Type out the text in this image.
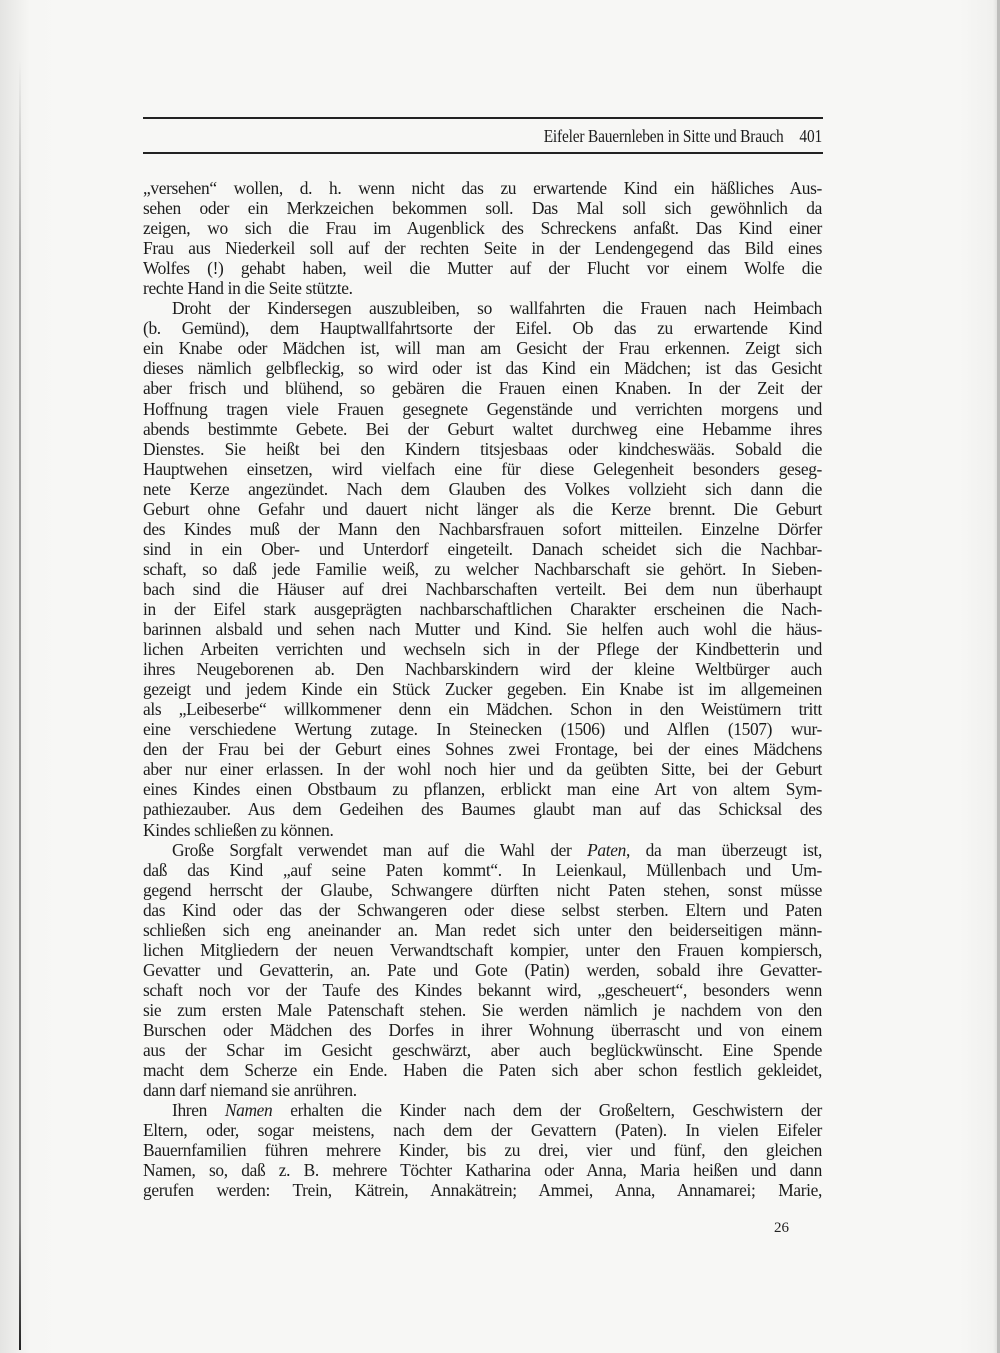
Eifeler Bauernleben in Sitte und Brauch 401
„versehen“ wollen, d. h. wenn nicht das zu erwartende Kind ein häßliches Aus-
sehen oder ein Merkzeichen bekommen soll. Das Mal soll sich gewöhnlich da
zeigen, wo sich die Frau im Augenblick des Schreckens anfaßt. Das Kind einer
Frau aus Niederkeil soll auf der rechten Seite in der Lendengegend das Bild eines
Wolfes (!) gehabt haben, weil die Mutter auf der Flucht vor einem Wolfe die
rechte Hand in die Seite stützte.
Droht der Kindersegen auszubleiben, so wallfahrten die Frauen nach Heimbach
(b. Gemünd), dem Hauptwallfahrtsorte der Eifel. Ob das zu erwartende Kind
ein Knabe oder Mädchen ist, will man am Gesicht der Frau erkennen. Zeigt sich
dieses nämlich gelbfleckig, so wird oder ist das Kind ein Mädchen; ist das Gesicht
aber frisch und blühend, so gebären die Frauen einen Knaben. In der Zeit der
Hoffnung tragen viele Frauen gesegnete Gegenstände und verrichten morgens und
abends bestimmte Gebete. Bei der Geburt waltet durchweg eine Hebamme ihres
Dienstes. Sie heißt bei den Kindern titsjesbaas oder kindcheswääs. Sobald die
Hauptwehen einsetzen, wird vielfach eine für diese Gelegenheit besonders geseg-
nete Kerze angezündet. Nach dem Glauben des Volkes vollzieht sich dann die
Geburt ohne Gefahr und dauert nicht länger als die Kerze brennt. Die Geburt
des Kindes muß der Mann den Nachbarsfrauen sofort mitteilen. Einzelne Dörfer
sind in ein Ober- und Unterdorf eingeteilt. Danach scheidet sich die Nachbar-
schaft, so daß jede Familie weiß, zu welcher Nachbarschaft sie gehört. In Sieben-
bach sind die Häuser auf drei Nachbarschaften verteilt. Bei dem nun überhaupt
in der Eifel stark ausgeprägten nachbarschaftlichen Charakter erscheinen die Nach-
barinnen alsbald und sehen nach Mutter und Kind. Sie helfen auch wohl die häus-
lichen Arbeiten verrichten und wechseln sich in der Pflege der Kindbetterin und
ihres Neugeborenen ab. Den Nachbarskindern wird der kleine Weltbürger auch
gezeigt und jedem Kinde ein Stück Zucker gegeben. Ein Knabe ist im allgemeinen
als „Leibeserbe“ willkommener denn ein Mädchen. Schon in den Weistümern tritt
eine verschiedene Wertung zutage. In Steinecken (1506) und Alflen (1507) wur-
den der Frau bei der Geburt eines Sohnes zwei Frontage, bei der eines Mädchens
aber nur einer erlassen. In der wohl noch hier und da geübten Sitte, bei der Geburt
eines Kindes einen Obstbaum zu pflanzen, erblickt man eine Art von altem Sym-
pathiezauber. Aus dem Gedeihen des Baumes glaubt man auf das Schicksal des
Kindes schließen zu können.
Große Sorgfalt verwendet man auf die Wahl der Paten, da man überzeugt ist,
daß das Kind „auf seine Paten kommt“. In Leienkaul, Müllenbach und Um-
gegend herrscht der Glaube, Schwangere dürften nicht Paten stehen, sonst müsse
das Kind oder das der Schwangeren oder diese selbst sterben. Eltern und Paten
schließen sich eng aneinander an. Man redet sich unter den beiderseitigen männ-
lichen Mitgliedern der neuen Verwandtschaft kompier, unter den Frauen kompiersch,
Gevatter und Gevatterin, an. Pate und Gote (Patin) werden, sobald ihre Gevatter-
schaft noch vor der Taufe des Kindes bekannt wird, „gescheuert“, besonders wenn
sie zum ersten Male Patenschaft stehen. Sie werden nämlich je nachdem von den
Burschen oder Mädchen des Dorfes in ihrer Wohnung überrascht und von einem
aus der Schar im Gesicht geschwärzt, aber auch beglückwünscht. Eine Spende
macht dem Scherze ein Ende. Haben die Paten sich aber schon festlich gekleidet,
dann darf niemand sie anrühren.
Ihren Namen erhalten die Kinder nach dem der Großeltern, Geschwistern der
Eltern, oder, sogar meistens, nach dem der Gevattern (Paten). In vielen Eifeler
Bauernfamilien führen mehrere Kinder, bis zu drei, vier und fünf, den gleichen
Namen, so, daß z. B. mehrere Töchter Katharina oder Anna, Maria heißen und dann
gerufen werden: Trein, Kätrein, Annakätrein; Ammei, Anna, Annamarei; Marie,
26
